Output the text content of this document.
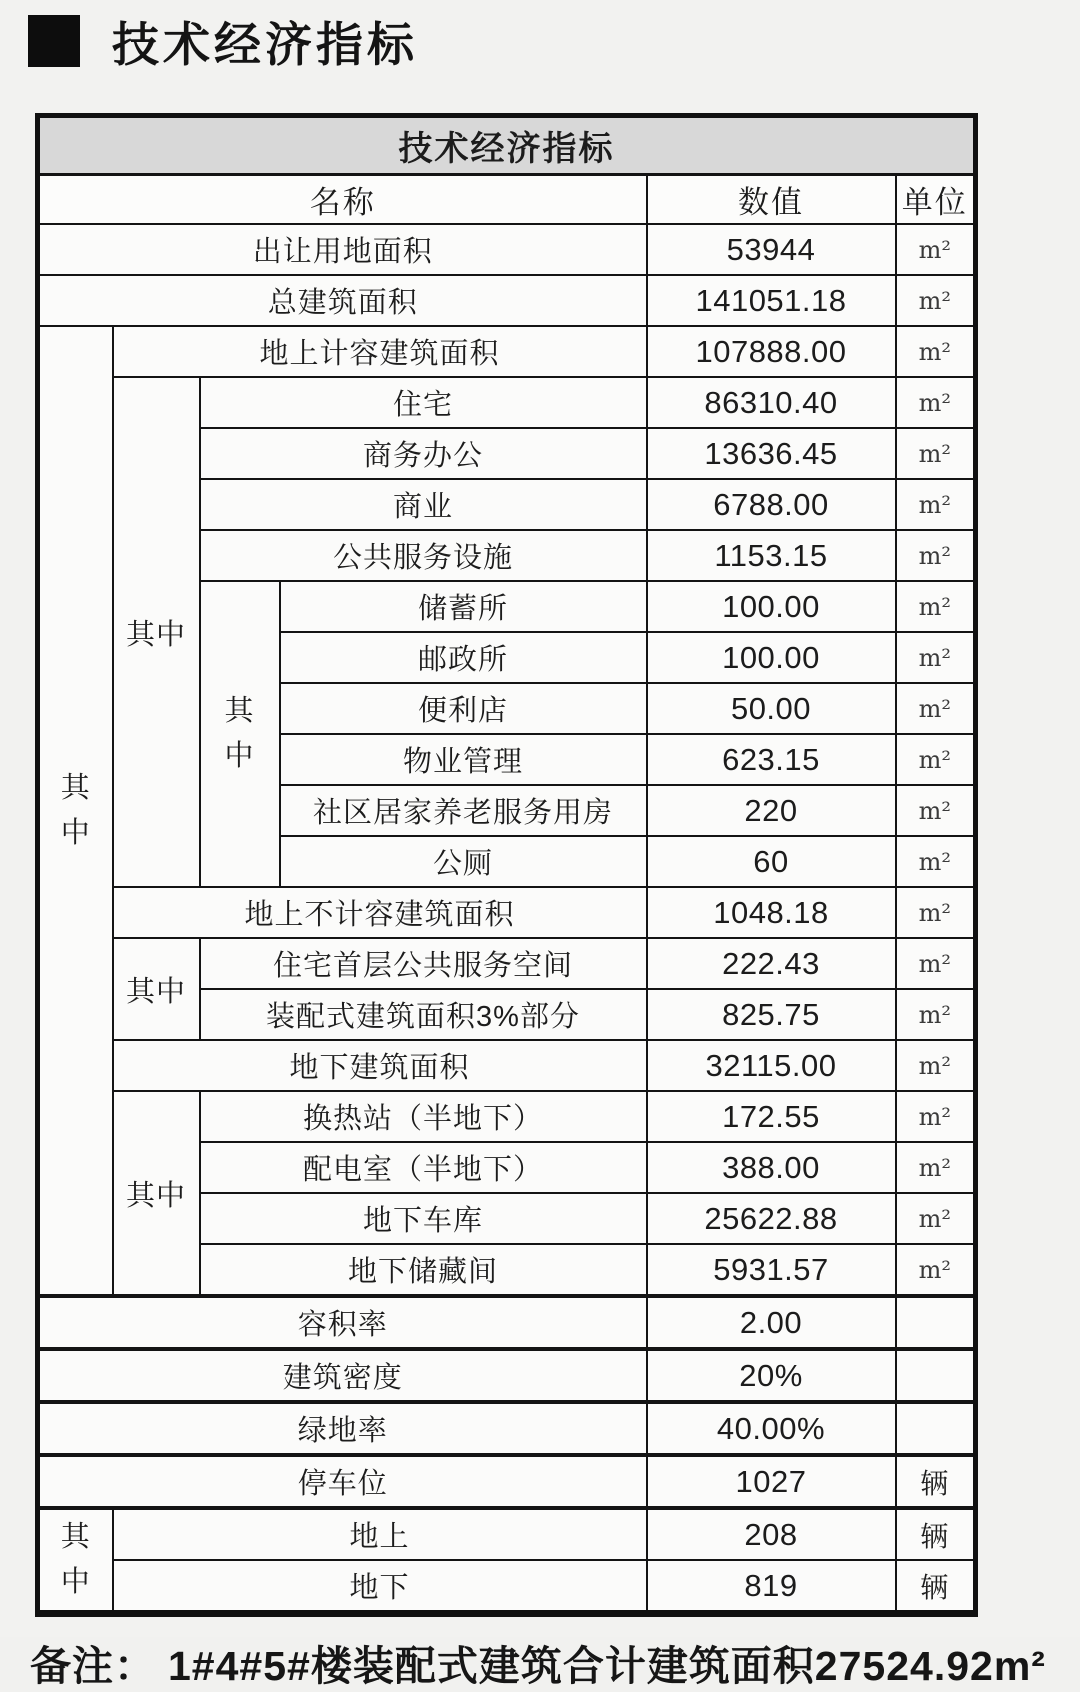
技术经济指标
技术经济指标					
名称				数值	单位
出让用地面积				53944	m²
总建筑面积				141051.18	m²

其中	地上计容建筑面积			107888.00	m²
	其中	住宅		86310.40	m²
		商务办公		13636.45	m²
		商业		6788.00	m²
		公共服务设施		1153.15	m²

		其中	储蓄所	100.00	m²
			邮政所	100.00	m²
			便利店	50.00	m²
			物业管理	623.15	m²
			社区居家养老服务用房	220	m²
			公厕	60	m²
	地上不计容建筑面积			1048.18	m²
	其中	住宅首层公共服务空间		222.43	m²
		装配式建筑面积3%部分		825.75	m²
	地下建筑面积			32115.00	m²
	其中	换热站（半地下）		172.55	m²
		配电室（半地下）		388.00	m²
		地下车库		25622.88	m²
		地下储藏间		5931.57	m²
容积率				2.00	
建筑密度				20%	
绿地率				40.00%	
停车位				1027	辆

其中	地上			208	辆
	地下			819	辆
备注： 1#4#5#楼装配式建筑合计建筑面积27524.92m²
